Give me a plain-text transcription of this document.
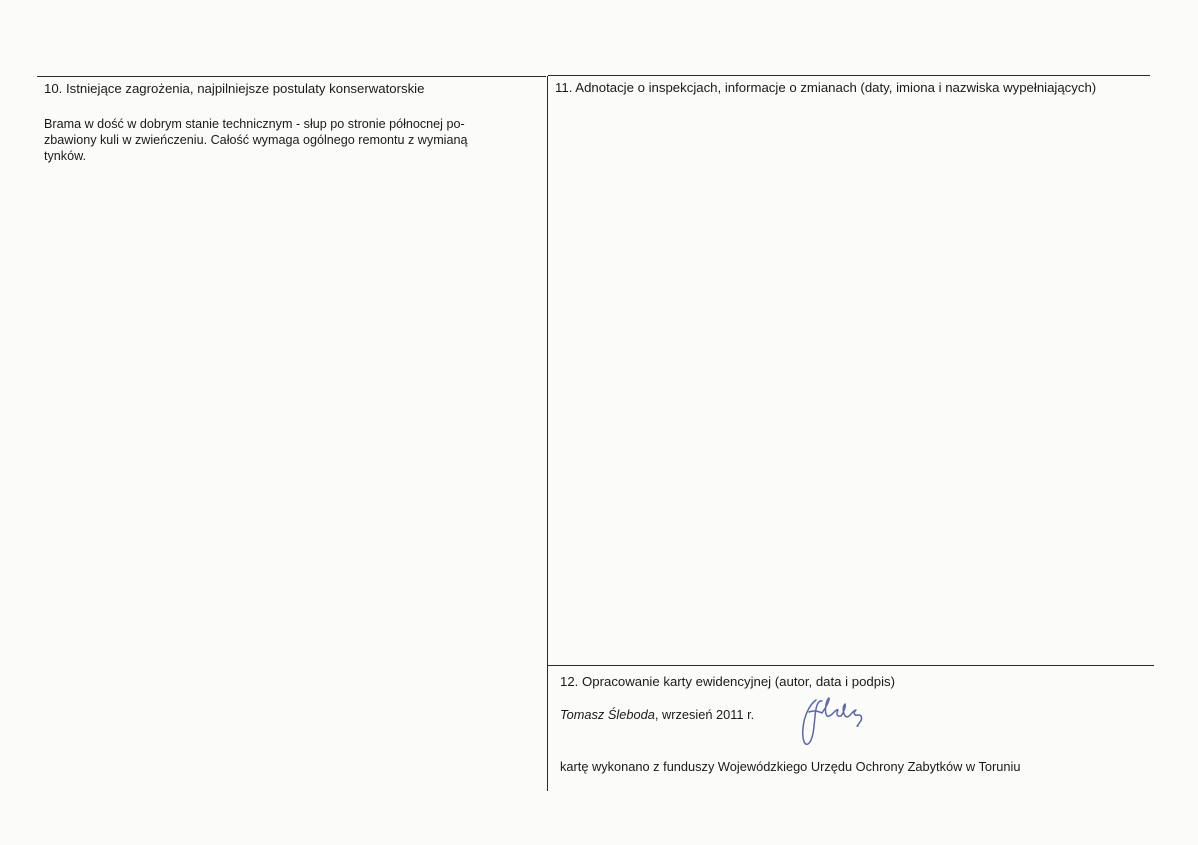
10. Istniejące zagrożenia, najpilniejsze postulaty konserwatorskie
Brama w dość w dobrym stanie technicznym - słup po stronie północnej po-
zbawiony kuli w zwieńczeniu. Całość wymaga ogólnego remontu z wymianą
tynków.
11. Adnotacje o inspekcjach, informacje o zmianach (daty, imiona i nazwiska wypełniających)
12. Opracowanie karty ewidencyjnej (autor, data i podpis)
Tomasz Śleboda, wrzesień 2011 r.
kartę wykonano z funduszy Wojewódzkiego Urzędu Ochrony Zabytków w Toruniu
